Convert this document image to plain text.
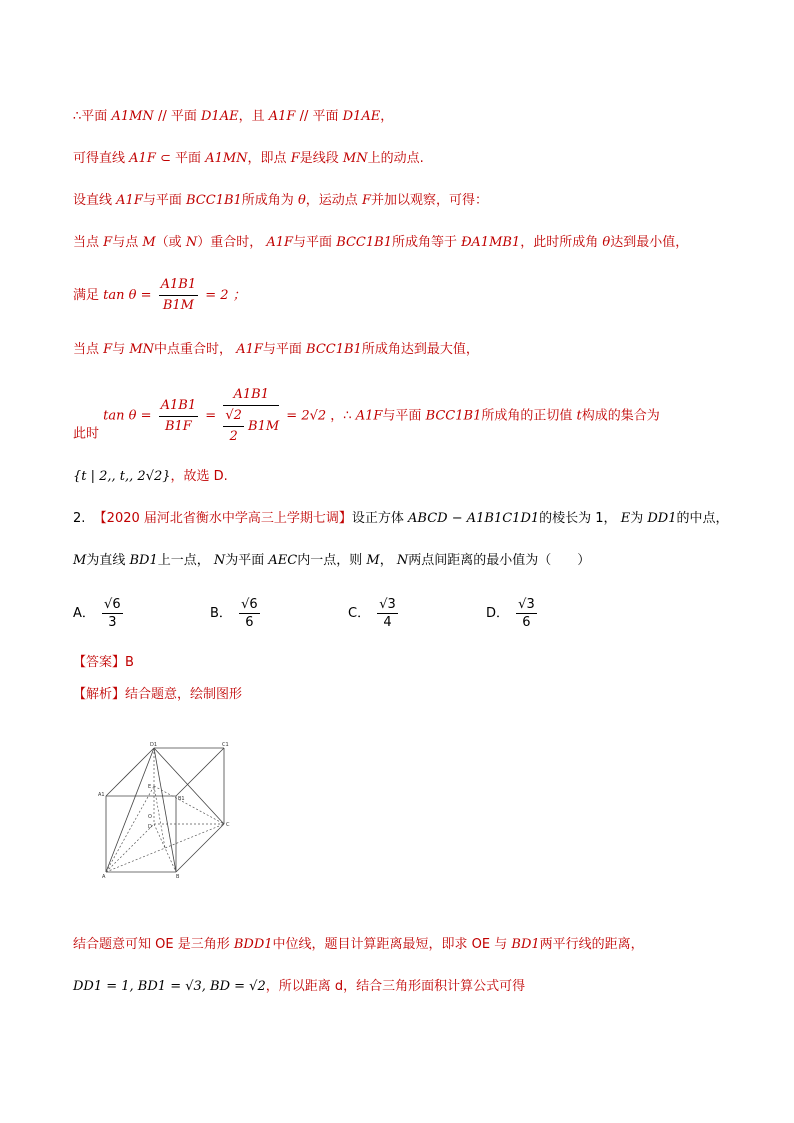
∴平面 A1MN // 平面 D1AE，且 A1F // 平面 D1AE，
可得直线 A1F ⊂ 平面 A1MN，即点 F是线段 MN上的动点.
设直线 A1F与平面 BCC1B1所成角为 θ，运动点 F并加以观察，可得：
当点 F与点 M（或 N）重合时， A1F与平面 BCC1B1所成角等于 ÐA1MB1，此时所成角 θ达到最小值，
满足 $\tan \theta = \frac{A1B1}{B1M} = 2$ ；
当点 F与 MN中点重合时， A1F与平面 BCC1B1所成角达到最大值，
此时 $\tan \theta = \frac{A1B1}{B1F} = \frac{A1B1}{\frac{√2}{2} B1M} = 2√2$ ，∴ A1F与平面 BCC1B1所成角的正切值 t构成的集合为
{t | 2,, t,, 2√2}，故选 D.
2. 【2020 届河北省衡水中学高三上学期七调】设正方体 ABCD − A1B1C1D1的棱长为 1， E为 DD1的中点，
M为直线 BD1上一点， N为平面 AEC内一点，则 M， N两点间距离的最小值为（　　）
A． $\frac{√6}{3}$	B． $\frac{√6}{6}$	C． $\frac{√3}{4}$	D． $\frac{√3}{6}$
【答案】B
【解析】结合题意，绘制图形
D1	C1
A1
B1
E
O
D	C
A	B
结合题意可知 OE 是三角形 BDD1中位线，题目计算距离最短，即求 OE 与 BD1两平行线的距离，
DD1 = 1, BD1 = √3, BD = √2，所以距离 d，结合三角形面积计算公式可得
